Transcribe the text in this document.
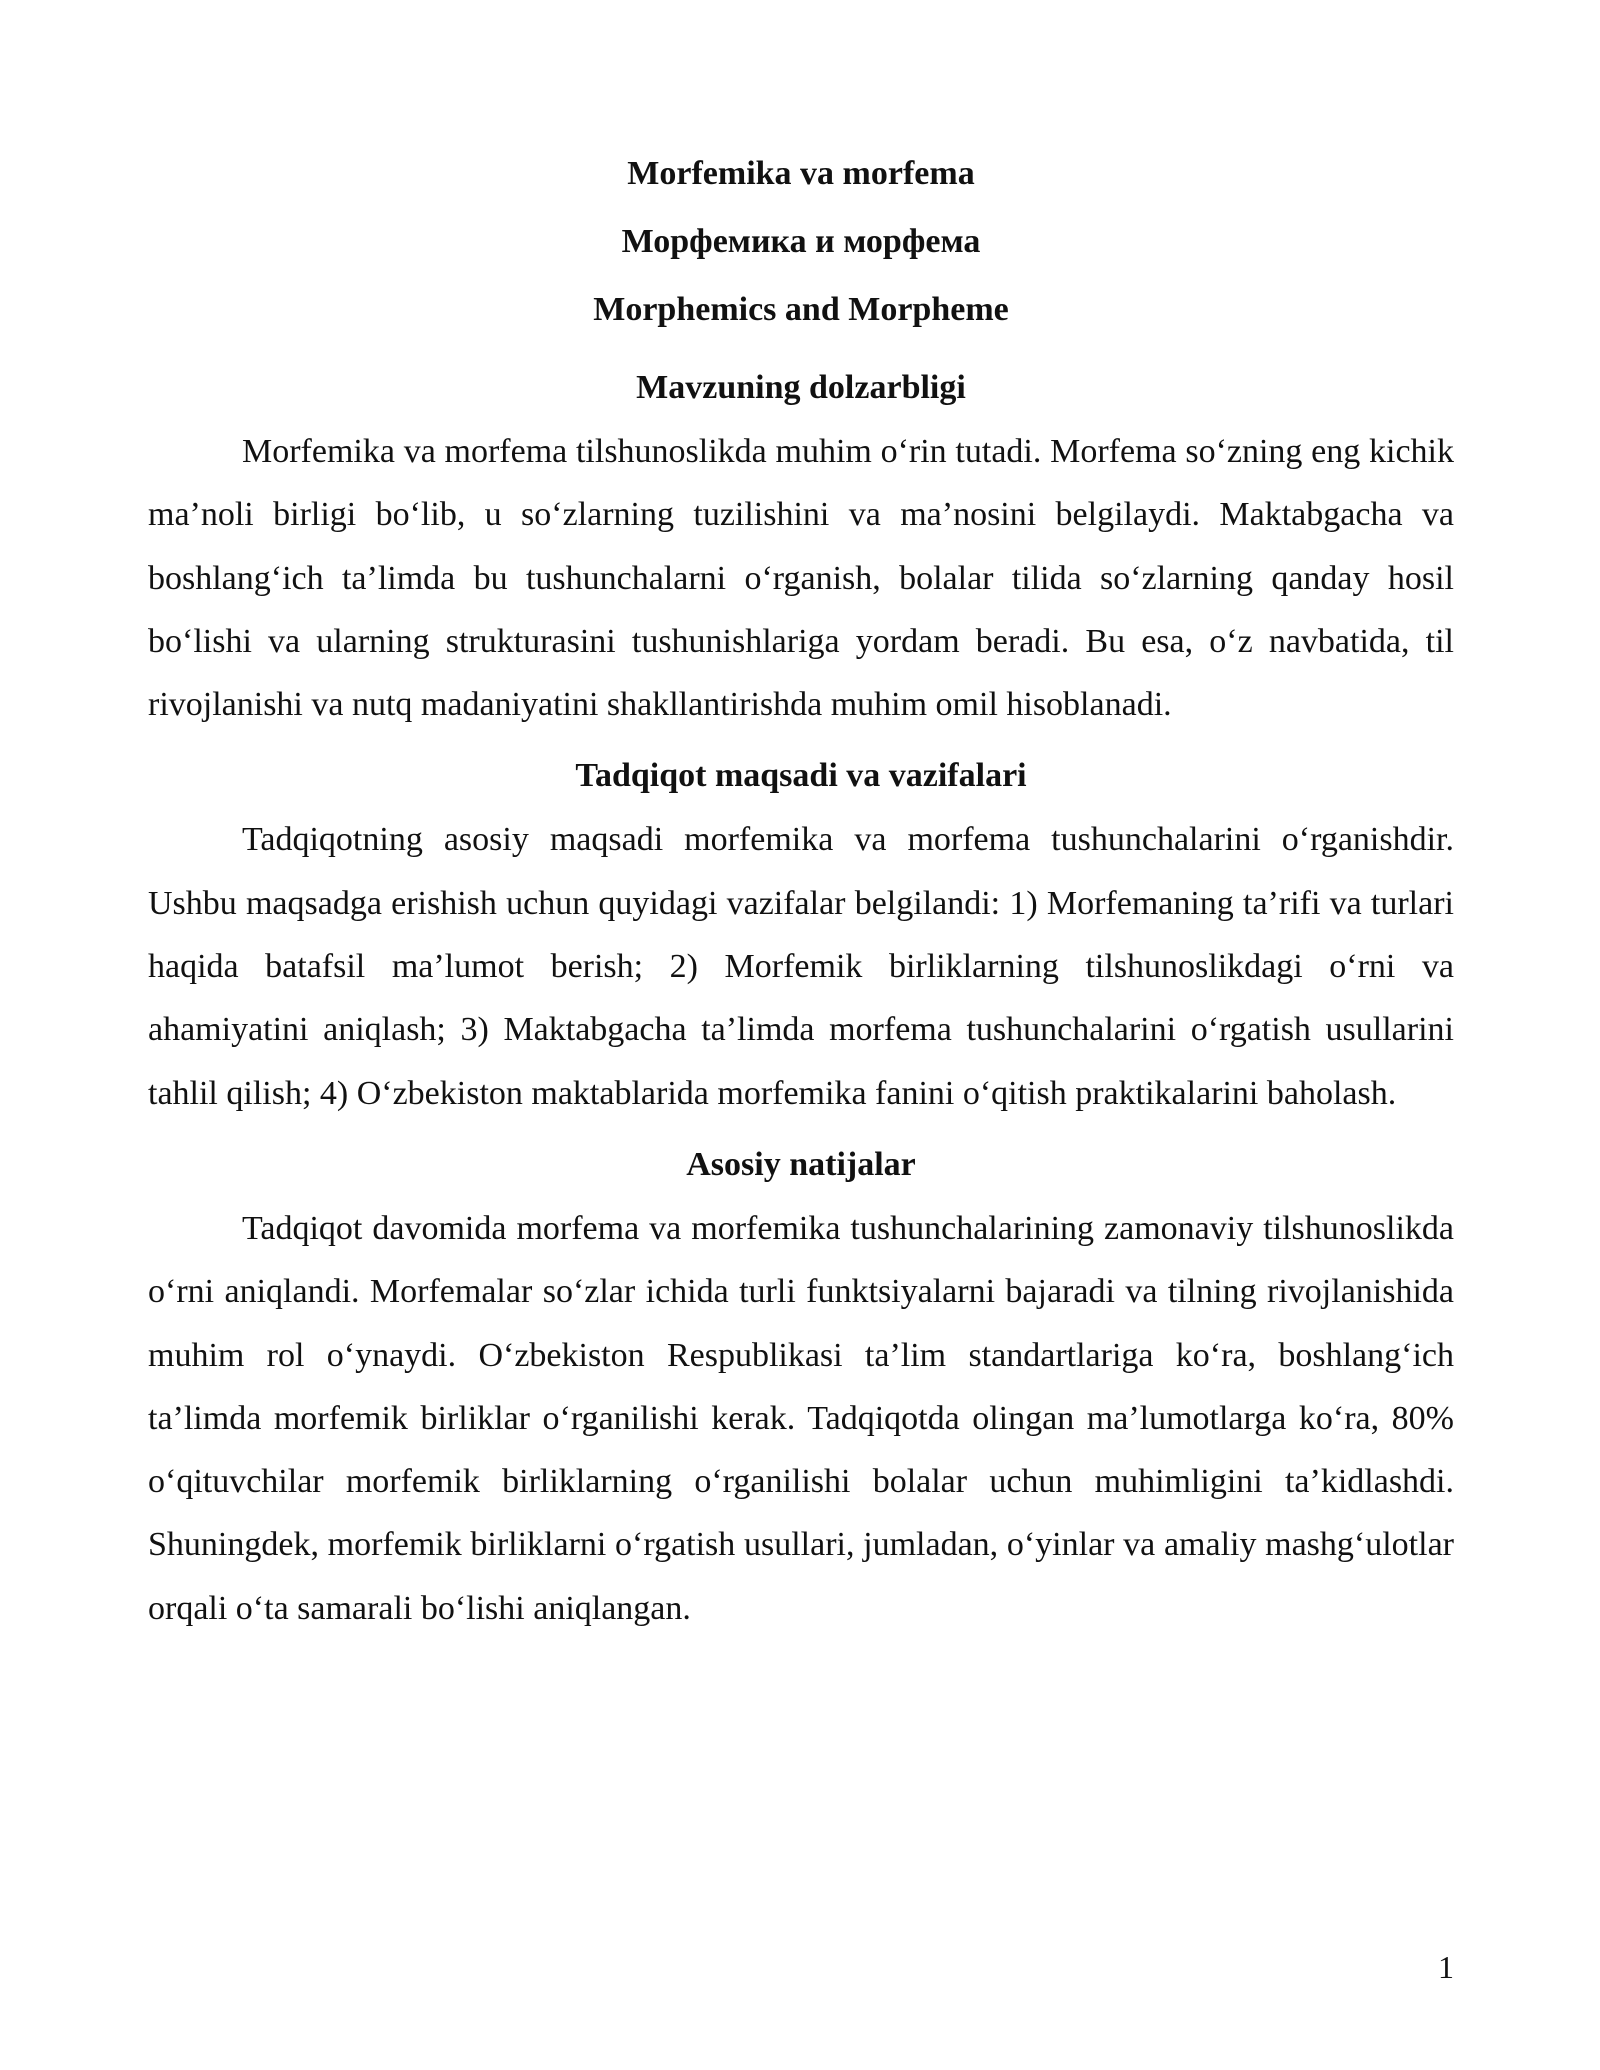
Morfemika va morfema
Морфемика и морфема
Morphemics and Morpheme
Mavzuning dolzarbligi

Morfemika va morfema tilshunoslikda muhim o‘rin tutadi. Morfema so‘zning eng kichik ma’noli birligi bo‘lib, u so‘zlarning tuzilishini va ma’nosini belgilaydi. Maktabgacha va boshlang‘ich ta’limda bu tushunchalarni o‘rganish, bolalar tilida so‘zlarning qanday hosil bo‘lishi va ularning strukturasini tushunishlariga yordam beradi. Bu esa, o‘z navbatida, til rivojlanishi va nutq madaniyatini shakllantirishda muhim omil hisoblanadi.

Tadqiqot maqsadi va vazifalari

Tadqiqotning asosiy maqsadi morfemika va morfema tushunchalarini o‘rganishdir. Ushbu maqsadga erishish uchun quyidagi vazifalar belgilandi: 1) Morfemaning ta’rifi va turlari haqida batafsil ma’lumot berish; 2) Morfemik birliklarning tilshunoslikdagi o‘rni va ahamiyatini aniqlash; 3) Maktabgacha ta’limda morfema tushunchalarini o‘rgatish usullarini tahlil qilish; 4) O‘zbekiston maktablarida morfemika fanini o‘qitish praktikalarini baholash.

Asosiy natijalar

Tadqiqot davomida morfema va morfemika tushunchalarining zamonaviy tilshunoslikda o‘rni aniqlandi. Morfemalar so‘zlar ichida turli funktsiyalarni bajaradi va tilning rivojlanishida muhim rol o‘ynaydi. O‘zbekiston Respublikasi ta’lim standartlariga ko‘ra, boshlang‘ich ta’limda morfemik birliklar o‘rganilishi kerak. Tadqiqotda olingan ma’lumotlarga ko‘ra, 80% o‘qituvchilar morfemik birliklarning o‘rganilishi bolalar uchun muhimligini ta’kidlashdi. Shuningdek, morfemik birliklarni o‘rgatish usullari, jumladan, o‘yinlar va amaliy mashg‘ulotlar orqali o‘ta samarali bo‘lishi aniqlangan.

1
